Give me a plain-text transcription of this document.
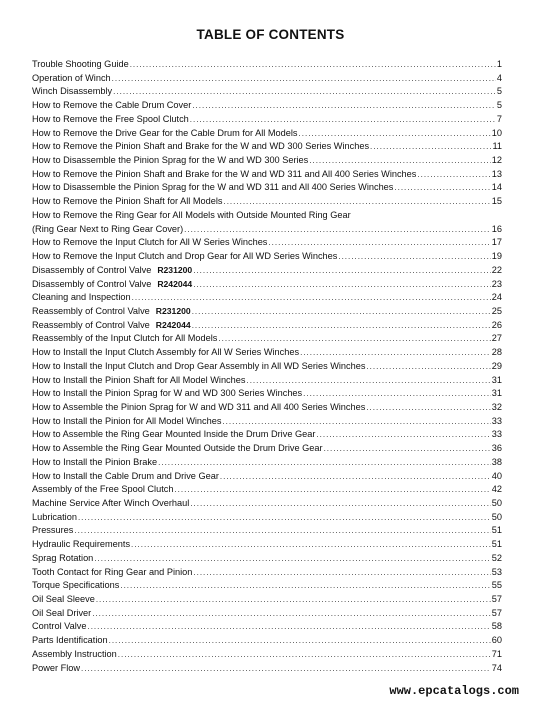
TABLE OF CONTENTS
Trouble Shooting Guide .....	1
Operation of Winch .....	4
Winch Disassembly .....	5
How to Remove the Cable Drum Cover .....	5
How to Remove the Free Spool Clutch .....	7
How to Remove the Drive Gear for the Cable Drum for All Models .....	10
How to Remove the Pinion Shaft and Brake for the W and WD 300 Series Winches .....	11
How to Disassemble the Pinion Sprag for the W and WD 300 Series .....	12
How to Remove the Pinion Shaft and Brake for the W and WD 311 and All 400 Series Winches .....	13
How to Disassemble the Pinion Sprag for the W and WD 311 and All 400 Series Winches .....	14
How to Remove the Pinion Shaft for All Models .....	15
How to Remove the Ring Gear for All Models with Outside Mounted Ring Gear
(Ring Gear Next to Ring Gear Cover) .....	16
How to Remove the Input Clutch for All W Series Winches .....	17
How to Remove the Input Clutch and Drop Gear for All WD Series Winches .....	19
Disassembly of Control Valve R231200 .....	22
Disassembly of Control Valve R242044 .....	23
Cleaning and Inspection .....	24
Reassembly of Control Valve R231200 .....	25
Reassembly of Control Valve R242044 .....	26
Reassembly of the Input Clutch for All Models .....	27
How to Install the Input Clutch Assembly for All W Series Winches .....	28
How to Install the Input Clutch and Drop Gear Assembly in All WD Series Winches .....	29
How to Install the Pinion Shaft for All Model Winches .....	31
How to Install the Pinion Sprag for W and WD 300 Series Winches .....	31
How to Assemble the Pinion Sprag for W and WD 311 and All 400 Series Winches .....	32
How to Install the Pinion for All Model Winches .....	33
How to Assemble the Ring Gear Mounted Inside the Drum Drive Gear .....	33
How to Assemble the Ring Gear Mounted Outside the Drum Drive Gear .....	36
How to Install the Pinion Brake .....	38
How to Install the Cable Drum and Drive Gear .....	40
Assembly of the Free Spool Clutch .....	42
Machine Service After Winch Overhaul .....	50
Lubrication .....	50
Pressures .....	51
Hydraulic Requirements .....	51
Sprag Rotation .....	52
Tooth Contact for Ring Gear and Pinion .....	53
Torque Specifications .....	55
Oil Seal Sleeve .....	57
Oil Seal Driver .....	57
Control Valve .....	58
Parts Identification .....	60
Assembly Instruction .....	71
Power Flow .....	74
www.epcatalogs.com
